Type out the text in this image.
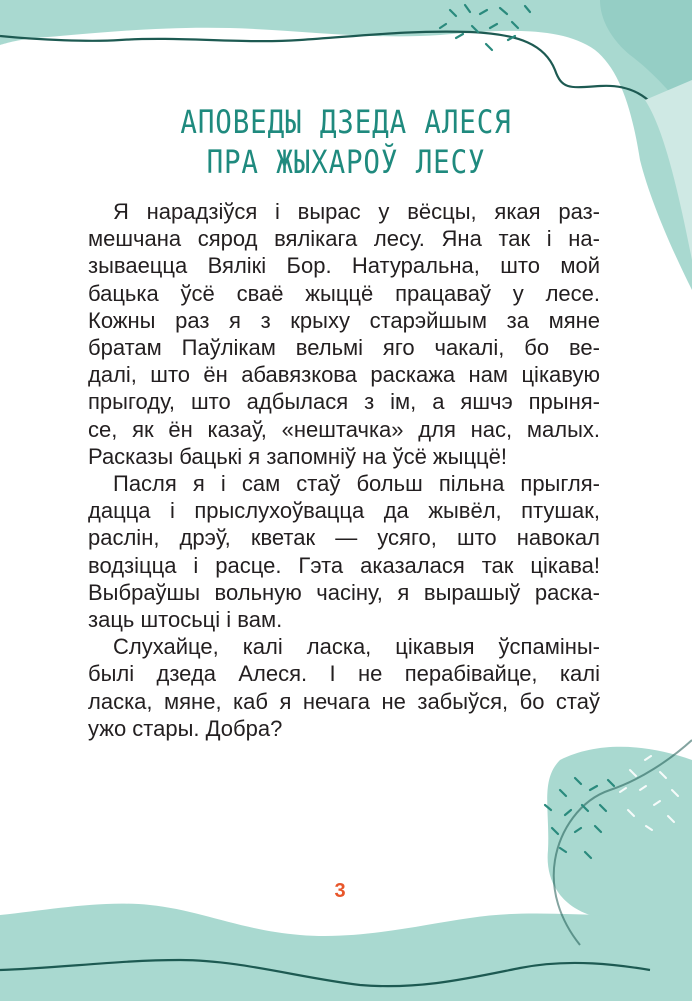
АПОВЕДЫ ДЗЕДА АЛЕСЯ
ПРА ЖЫХАРОЎ ЛЕСУ
Я нарадзіўся і вырас у вёсцы, якая раз-
мешчана сярод вялікага лесу. Яна так і на-
зываецца Вялікі Бор. Натуральна, што мой
бацька ўсё сваё жыццё працаваў у лесе.
Кожны раз я з крыху старэйшым за мяне
братам Паўлікам вельмі яго чакалі, бо ве-
далі, што ён абавязкова раскажа нам цікавую
прыгоду, што адбылася з ім, а яшчэ прыня-
се, як ён казаў, «нештачка» для нас, малых.
Расказы бацькі я запомніў на ўсё жыццё!
Пасля я і сам стаў больш пільна прыгля-
дацца і прыслухоўвацца да жывёл, птушак,
раслін, дрэў, кветак — усяго, што навокал
водзіцца і расце. Гэта аказалася так цікава!
Выбраўшы вольную часіну, я вырашыў раска-
заць штосьці і вам.
Слухайце, калі ласка, цікавыя ўспаміны-
былі дзеда Алеся. І не перабівайце, калі
ласка, мяне, каб я нечага не забыўся, бо стаў
ужо стары. Добра?
3
